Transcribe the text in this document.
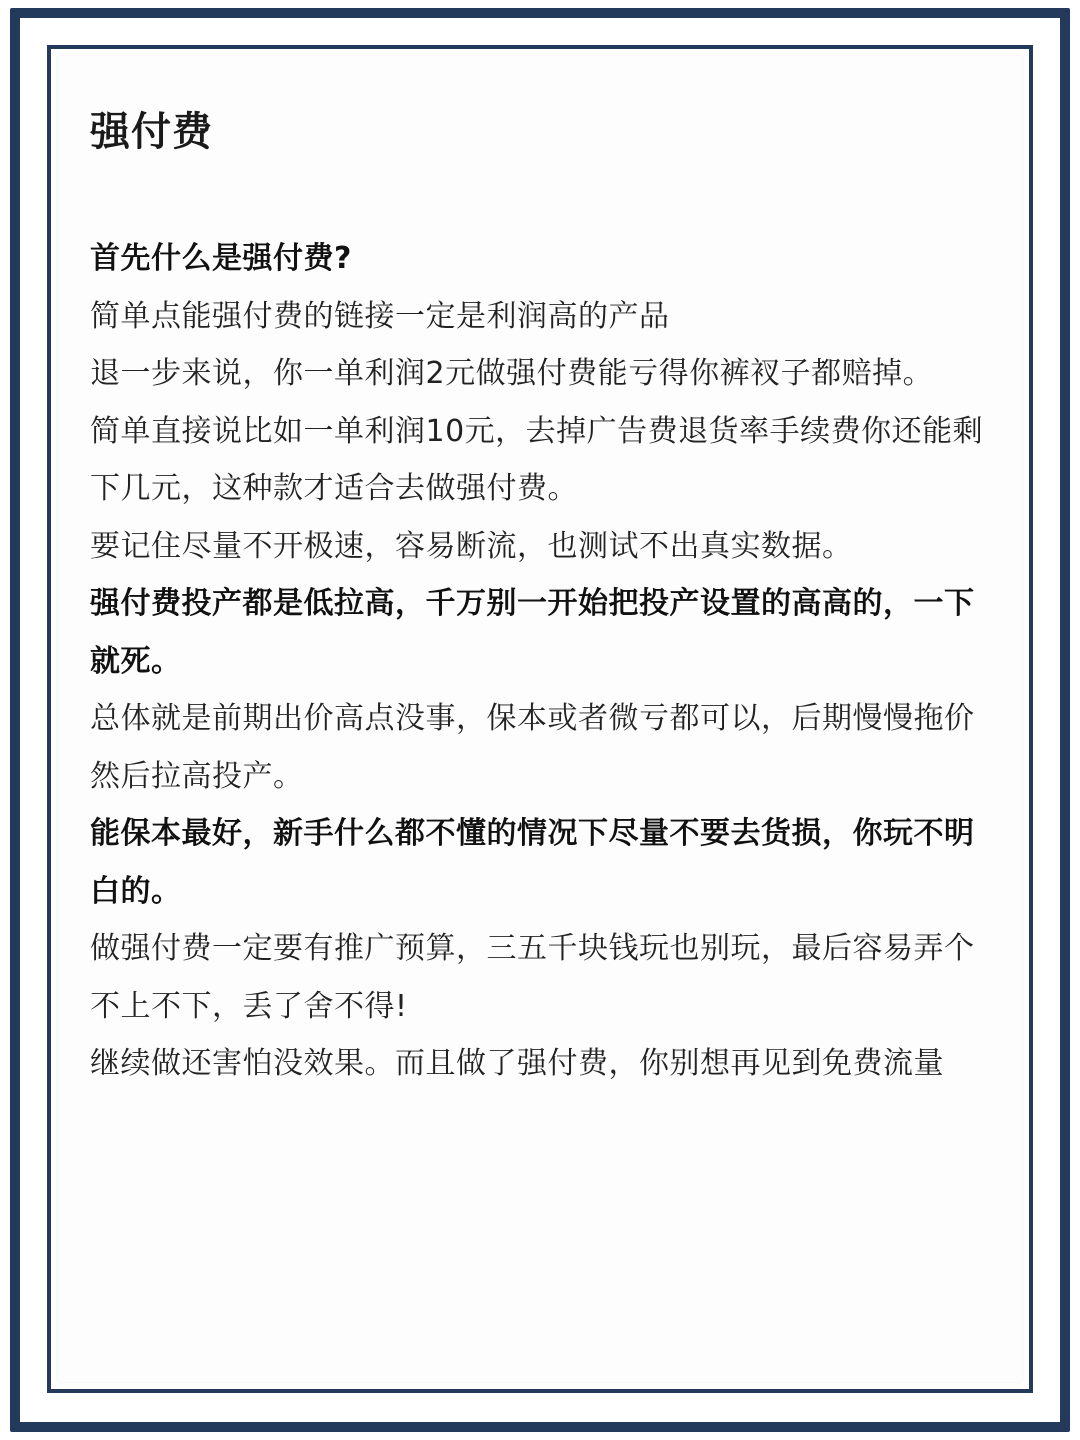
强付费

首先什么是强付费?

简单点能强付费的链接一定是利润高的产品

退一步来说，你一单利润2元做强付费能亏得你裤衩子都赔掉。

简单直接说比如一单利润10元，去掉广告费退货率手续费你还能剩下几元，这种款才适合去做强付费。

要记住尽量不开极速，容易断流，也测试不出真实数据。

强付费投产都是低拉高，千万别一开始把投产设置的高高的，一下就死。

总体就是前期出价高点没事，保本或者微亏都可以，后期慢慢拖价然后拉高投产。

能保本最好，新手什么都不懂的情况下尽量不要去货损，你玩不明白的。

做强付费一定要有推广预算，三五千块钱玩也别玩，最后容易弄个不上不下，丢了舍不得!

继续做还害怕没效果。而且做了强付费，你别想再见到免费流量
